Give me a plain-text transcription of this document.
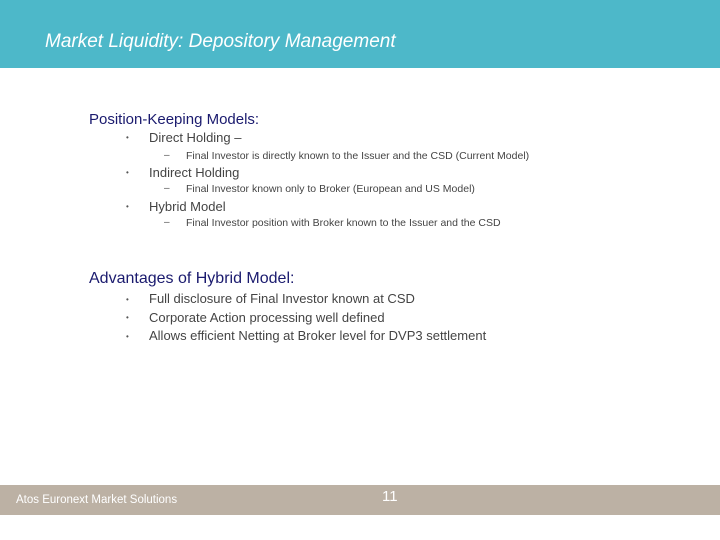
Market Liquidity: Depository Management
Position-Keeping Models:
• Direct Holding –
– Final Investor is directly known to the Issuer and the CSD (Current Model)
• Indirect Holding
– Final Investor known only to Broker (European and US Model)
• Hybrid Model
– Final Investor position with Broker known to the Issuer and the CSD
Advantages of Hybrid Model:
• Full disclosure of Final Investor known at CSD
• Corporate Action processing well defined
• Allows efficient Netting at Broker level for DVP3 settlement
Atos Euronext Market Solutions	11
